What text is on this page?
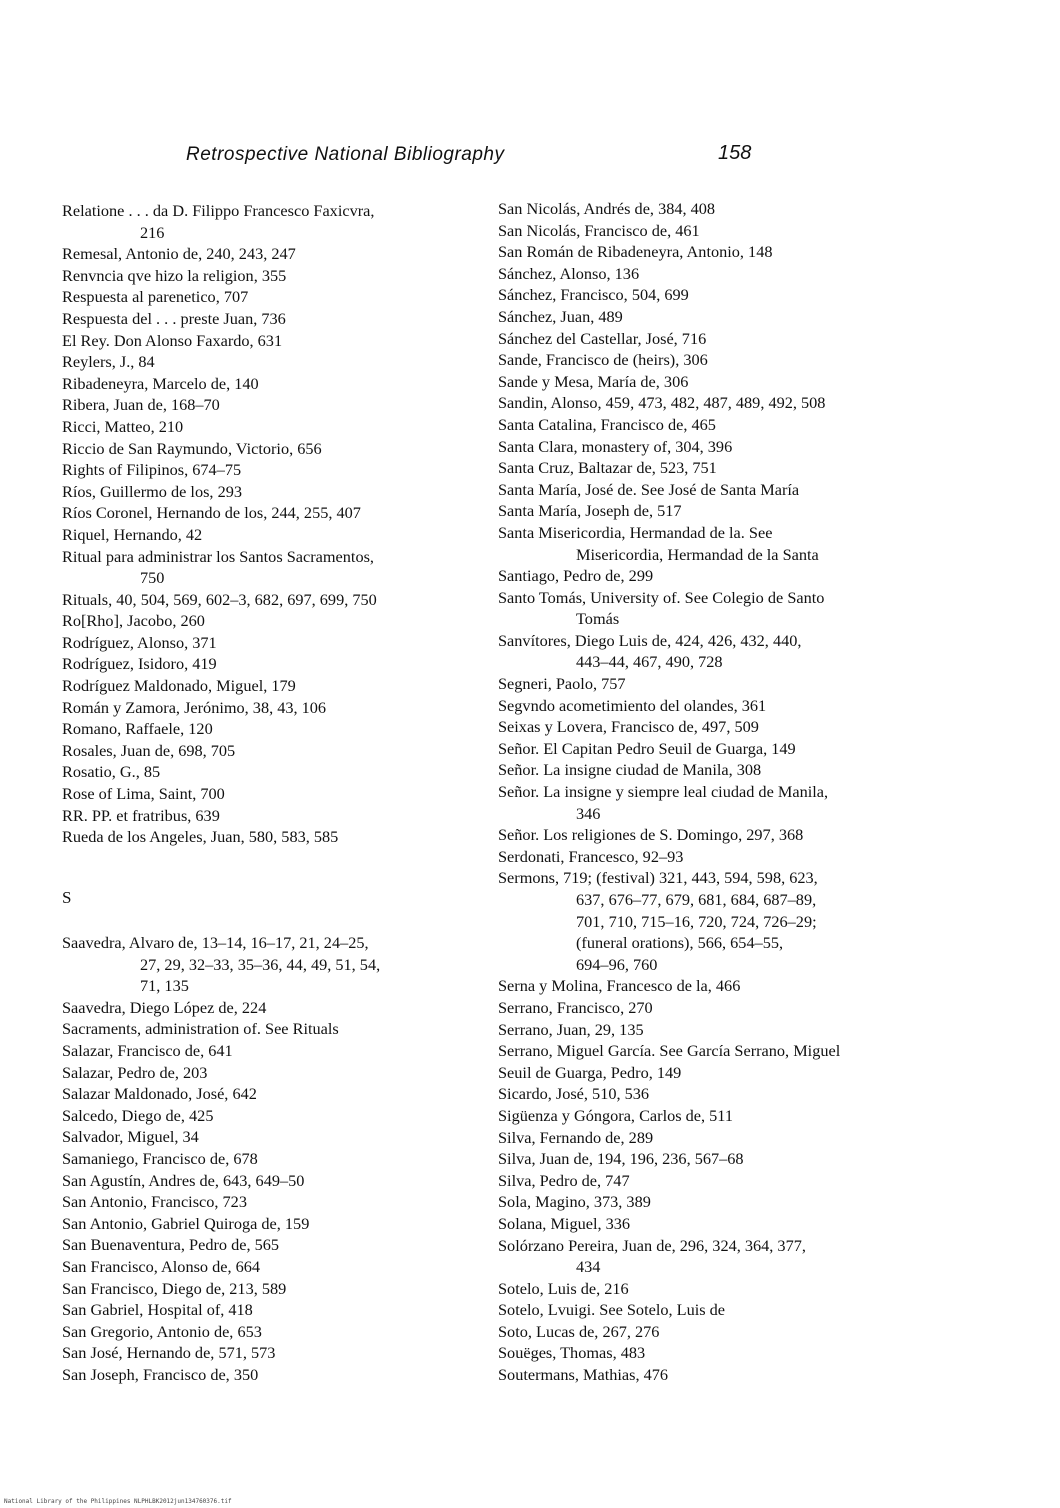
Retrospective National Bibliography	158
Relatione . . . da D. Filippo Francesco Faxicvra,
216
Remesal, Antonio de, 240, 243, 247
Renvncia qve hizo la religion, 355
Respuesta al parenetico, 707
Respuesta del . . . preste Juan, 736
El Rey. Don Alonso Faxardo, 631
Reylers, J., 84
Ribadeneyra, Marcelo de, 140
Ribera, Juan de, 168–70
Ricci, Matteo, 210
Riccio de San Raymundo, Victorio, 656
Rights of Filipinos, 674–75
Ríos, Guillermo de los, 293
Ríos Coronel, Hernando de los, 244, 255, 407
Riquel, Hernando, 42
Ritual para administrar los Santos Sacramentos,
750
Rituals, 40, 504, 569, 602–3, 682, 697, 699, 750
Ro[Rho], Jacobo, 260
Rodríguez, Alonso, 371
Rodríguez, Isidoro, 419
Rodríguez Maldonado, Miguel, 179
Román y Zamora, Jerónimo, 38, 43, 106
Romano, Raffaele, 120
Rosales, Juan de, 698, 705
Rosatio, G., 85
Rose of Lima, Saint, 700
RR. PP. et fratribus, 639
Rueda de los Angeles, Juan, 580, 583, 585
S
Saavedra, Alvaro de, 13–14, 16–17, 21, 24–25,
27, 29, 32–33, 35–36, 44, 49, 51, 54,
71, 135
Saavedra, Diego López de, 224
Sacraments, administration of. See Rituals
Salazar, Francisco de, 641
Salazar, Pedro de, 203
Salazar Maldonado, José, 642
Salcedo, Diego de, 425
Salvador, Miguel, 34
Samaniego, Francisco de, 678
San Agustín, Andres de, 643, 649–50
San Antonio, Francisco, 723
San Antonio, Gabriel Quiroga de, 159
San Buenaventura, Pedro de, 565
San Francisco, Alonso de, 664
San Francisco, Diego de, 213, 589
San Gabriel, Hospital of, 418
San Gregorio, Antonio de, 653
San José, Hernando de, 571, 573
San Joseph, Francisco de, 350
San Nicolás, Andrés de, 384, 408
San Nicolás, Francisco de, 461
San Román de Ribadeneyra, Antonio, 148
Sánchez, Alonso, 136
Sánchez, Francisco, 504, 699
Sánchez, Juan, 489
Sánchez del Castellar, José, 716
Sande, Francisco de (heirs), 306
Sande y Mesa, María de, 306
Sandin, Alonso, 459, 473, 482, 487, 489, 492, 508
Santa Catalina, Francisco de, 465
Santa Clara, monastery of, 304, 396
Santa Cruz, Baltazar de, 523, 751
Santa María, José de. See José de Santa María
Santa María, Joseph de, 517
Santa Misericordia, Hermandad de la. See
Misericordia, Hermandad de la Santa
Santiago, Pedro de, 299
Santo Tomás, University of. See Colegio de Santo
Tomás
Sanvítores, Diego Luis de, 424, 426, 432, 440,
443–44, 467, 490, 728
Segneri, Paolo, 757
Segvndo acometimiento del olandes, 361
Seixas y Lovera, Francisco de, 497, 509
Señor. El Capitan Pedro Seuil de Guarga, 149
Señor. La insigne ciudad de Manila, 308
Señor. La insigne y siempre leal ciudad de Manila,
346
Señor. Los religiones de S. Domingo, 297, 368
Serdonati, Francesco, 92–93
Sermons, 719; (festival) 321, 443, 594, 598, 623,
637, 676–77, 679, 681, 684, 687–89,
701, 710, 715–16, 720, 724, 726–29;
(funeral orations), 566, 654–55,
694–96, 760
Serna y Molina, Francesco de la, 466
Serrano, Francisco, 270
Serrano, Juan, 29, 135
Serrano, Miguel García. See García Serrano, Miguel
Seuil de Guarga, Pedro, 149
Sicardo, José, 510, 536
Sigüenza y Góngora, Carlos de, 511
Silva, Fernando de, 289
Silva, Juan de, 194, 196, 236, 567–68
Silva, Pedro de, 747
Sola, Magino, 373, 389
Solana, Miguel, 336
Solórzano Pereira, Juan de, 296, 324, 364, 377,
434
Sotelo, Luis de, 216
Sotelo, Lvuigi. See Sotelo, Luis de
Soto, Lucas de, 267, 276
Souëges, Thomas, 483
Soutermans, Mathias, 476
National Library of the Philippines NLPHLBK2012jun134760376.tif
